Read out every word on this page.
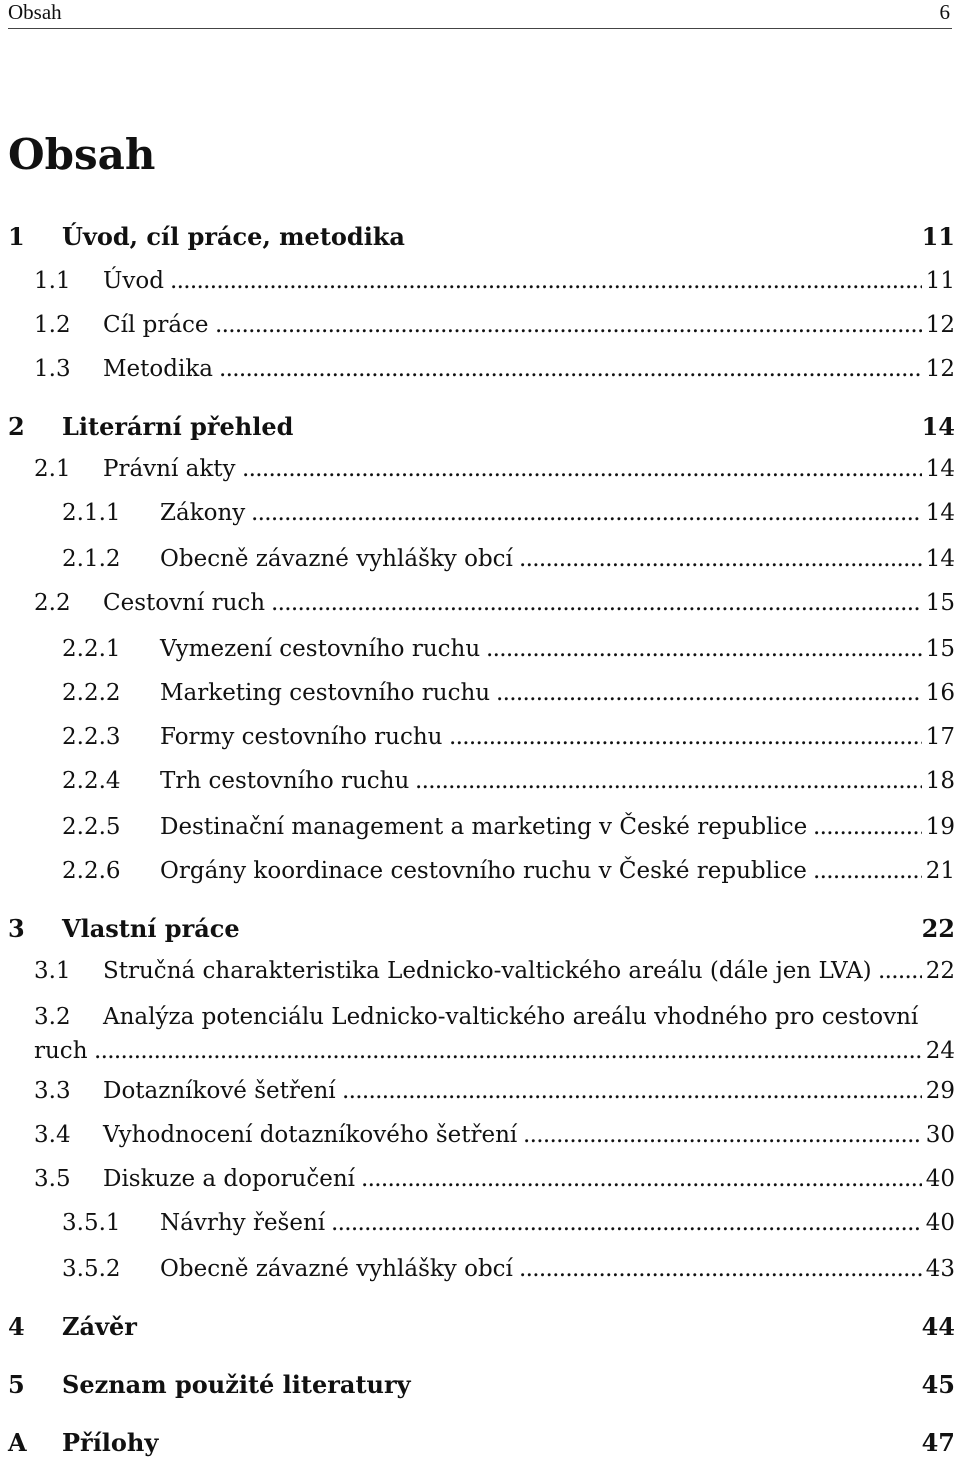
Obsah	6
Obsah
1 Úvod, cíl práce, metodika	11
1.1 Úvod	11
. . .
1.2 Cíl práce	12
. . .
1.3 Metodika	12
. . .
2 Literární přehled	14
2.1 Právní akty	14
. . .
2.1.1 Zákony	14
. . .
2.1.2 Obecně závazné vyhlášky obcí	14
. . .
2.2 Cestovní ruch	15
. . .
2.2.1 Vymezení cestovního ruchu	15
. . .
2.2.2 Marketing cestovního ruchu	16
. . .
2.2.3 Formy cestovního ruchu	17
. . .
2.2.4 Trh cestovního ruchu	18
. . .
2.2.5 Destinační management a marketing v České republice	19
. . .
2.2.6 Orgány koordinace cestovního ruchu v České republice	21
. . .
3 Vlastní práce	22
3.1 Stručná charakteristika Lednicko-valtického areálu (dále jen LVA) 22
. . .
3.2 Analýza potenciálu Lednicko-valtického areálu vhodného pro cestovní
ruch	24
. . .
3.3 Dotazníkové šetření	29
. . .
3.4 Vyhodnocení dotazníkového šetření	30
. . .
3.5 Diskuze a doporučení	40
. . .
3.5.1 Návrhy řešení	40
. . .
3.5.2 Obecně závazné vyhlášky obcí	43
. . .
4 Závěr	44
5 Seznam použité literatury	45
A Přílohy	47
